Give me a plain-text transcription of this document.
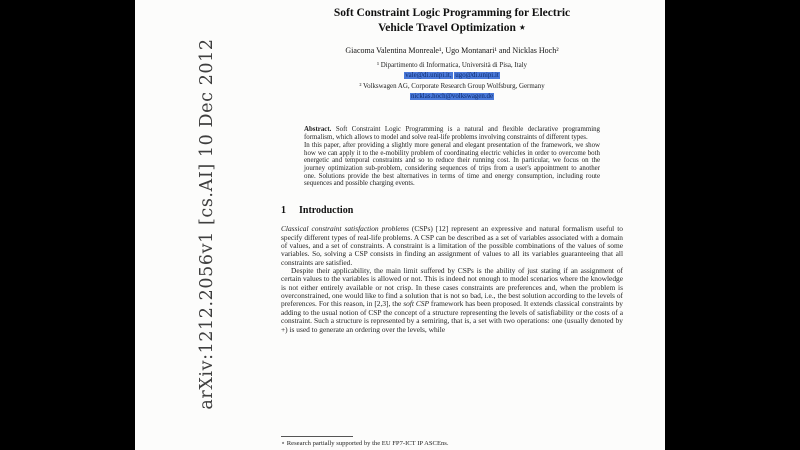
arXiv:1212.2056v1 [cs.AI] 10 Dec 2012
Soft Constraint Logic Programming for Electric
Vehicle Travel Optimization ⋆
Giacoma Valentina Monreale¹, Ugo Montanari¹ and Nicklas Hoch²
¹ Dipartimento di Informatica, Università di Pisa, Italy
vale@di.unipi.it, ugo@di.unipi.it
² Volkswagen AG, Corporate Research Group Wolfsburg, Germany
nicklas.hoch@volkswagen.de

Abstract. Soft Constraint Logic Programming is a natural and flexible declarative programming formalism, which allows to model and solve real-life problems involving constraints of different types.

In this paper, after providing a slightly more general and elegant presentation of the framework, we show how we can apply it to the e-mobility problem of coordinating electric vehicles in order to overcome both energetic and temporal constraints and so to reduce their running cost. In particular, we focus on the journey optimization sub-problem, considering sequences of trips from a user's appointment to another one. Solutions provide the best alternatives in terms of time and energy consumption, including route sequences and possible charging events.

1 Introduction

Classical constraint satisfaction problems (CSPs) [12] represent an expressive and natural formalism useful to specify different types of real-life problems. A CSP can be described as a set of variables associated with a domain of values, and a set of constraints. A constraint is a limitation of the possible combinations of the values of some variables. So, solving a CSP consists in finding an assignment of values to all its variables guaranteeing that all constraints are satisfied.

Despite their applicability, the main limit suffered by CSPs is the ability of just stating if an assignment of certain values to the variables is allowed or not. This is indeed not enough to model scenarios where the knowledge is not either entirely available or not crisp. In these cases constraints are preferences and, when the problem is overconstrained, one would like to find a solution that is not so bad, i.e., the best solution according to the levels of preferences. For this reason, in [2,3], the soft CSP framework has been proposed. It extends classical constraints by adding to the usual notion of CSP the concept of a structure representing the levels of satisfiability or the costs of a constraint. Such a structure is represented by a semiring, that is, a set with two operations: one (usually denoted by +) is used to generate an ordering over the levels, while

⋆ Research partially supported by the EU FP7-ICT IP ASCEns.
